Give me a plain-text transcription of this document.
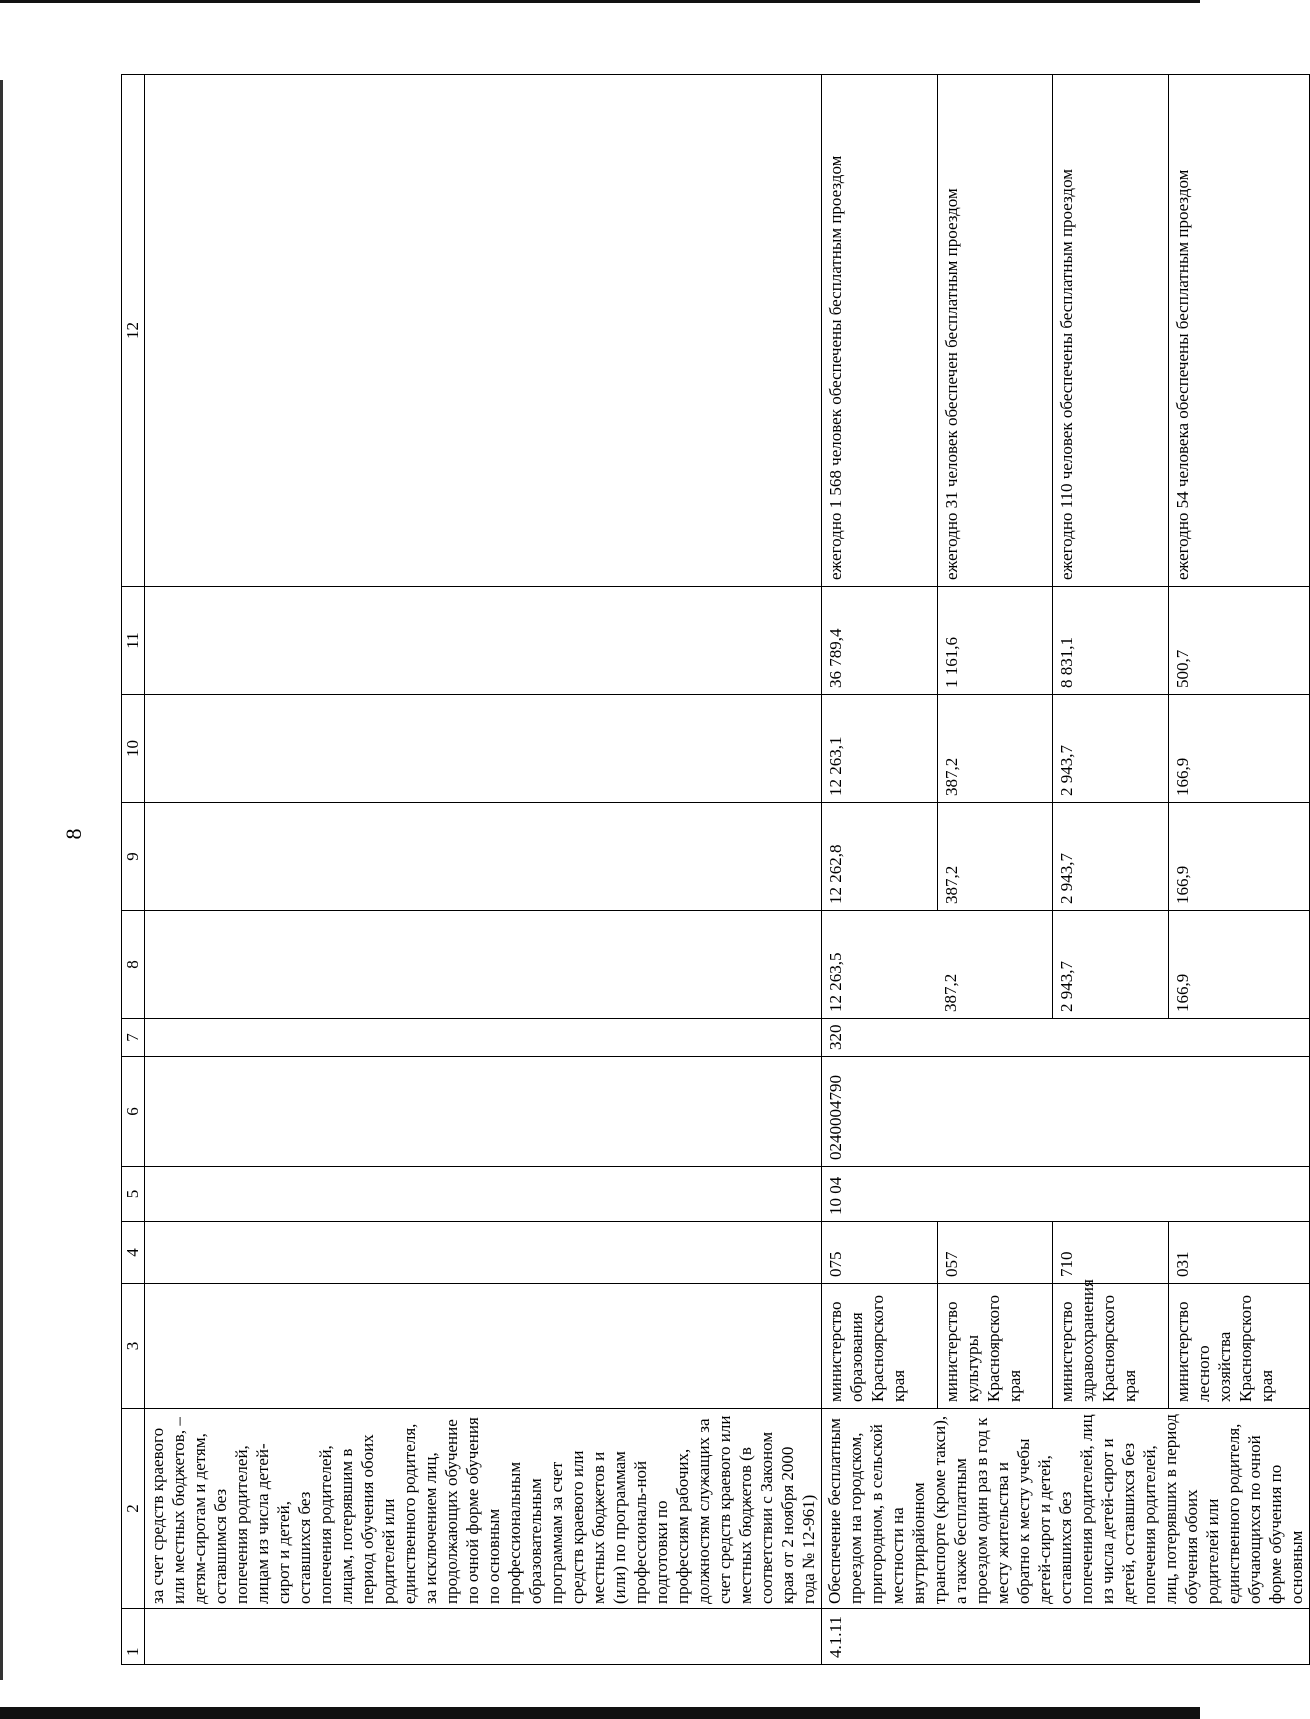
8
1	2	3	4	5	6	7	8	9	10	11	12
	за счет средств краевого или местных бюджетов, – детям-сиротам и детям, оставшимся без попечения родителей, лицам из числа детей-сирот и детей, оставшихся без попечения родителей, лицам, потерявшим в период обучения обоих родителей или единственного родителя, за исключением лиц, продолжающих обучение по очной форме обучения по основным профессиональным образовательным программам за счет средств краевого или местных бюджетов и (или) по программам профессиональ-ной подготовки по профессиям рабочих, должностям служащих за счет средств краевого или местных бюджетов (в соответствии с Законом края от 2 ноября 2000 года № 12-961)										
4.1.11	Обеспечение бесплатным проездом на городском, пригородном, в сельской местности на внутрирайонном транспорте (кроме такси), а также бесплатным проездом один раз в год к месту жительства и обратно к месту учебы детей-сирот и детей, оставшихся без попечения родителей, лиц из числа детей-сирот и детей, оставшихся без попечения родителей, лиц, потерявших в период обучения обоих родителей или единственного родителя, обучающихся по очной форме обучения по основным	министерство образования Красноярского края	075	10 04	0240004790	320	12 263,5	12 262,8	12 263,1	36 789,4	ежегодно 1 568 человек обеспечены бесплатным проездом
		министерство культуры Красноярского края	057				387,2	387,2	387,2	1 161,6	ежегодно 31 человек обеспечен бесплатным проездом
		министерство здравоохранения Красноярского края	710				2 943,7	2 943,7	2 943,7	8 831,1	ежегодно 110 человек обеспечены бесплатным проездом
		министерство лесного хозяйства Красноярского края	031				166,9	166,9	166,9	500,7	ежегодно 54 человека обеспечены бесплатным проездом
